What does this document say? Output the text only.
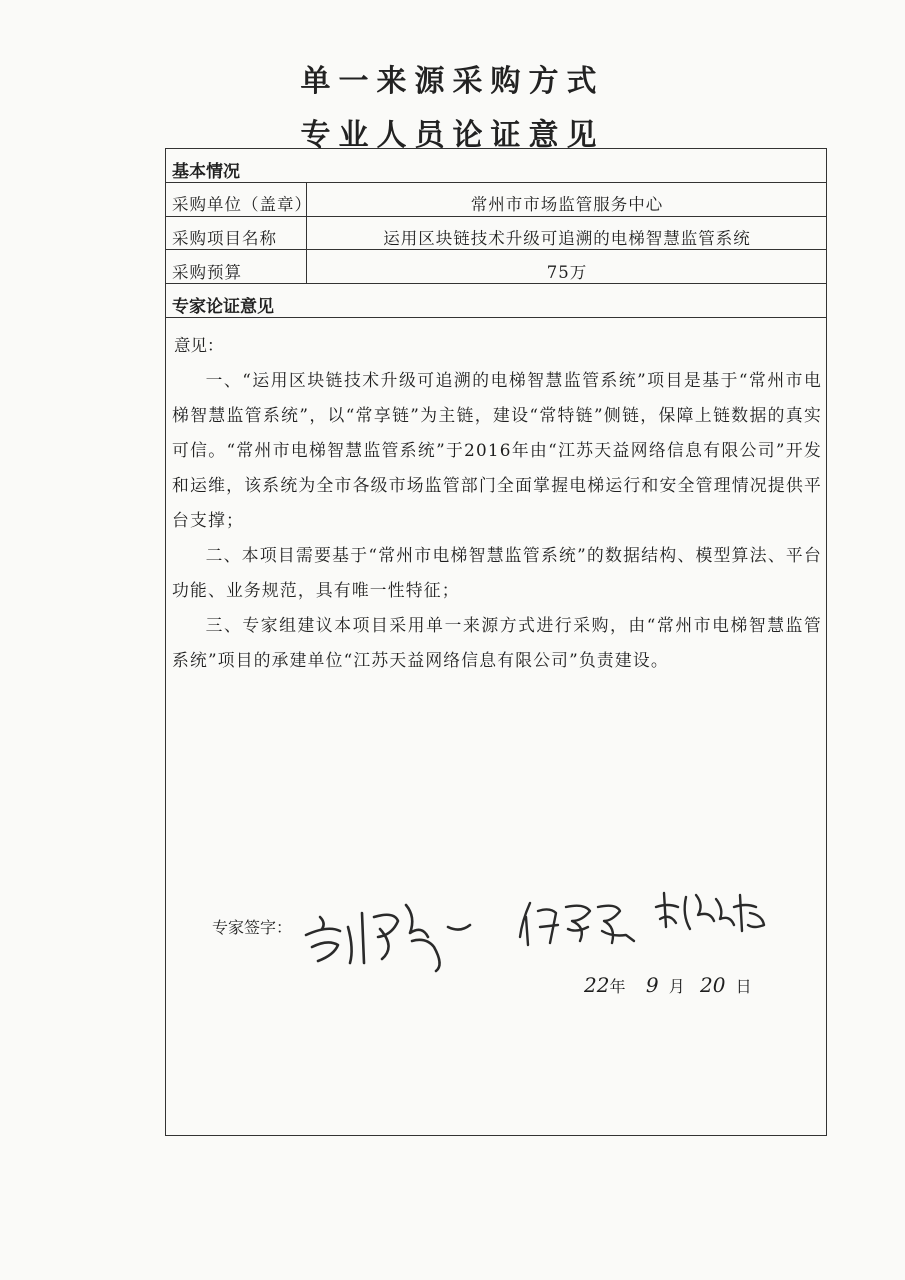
单一来源采购方式
专业人员论证意见
基本情况
采购单位（盖章）	常州市市场监管服务中心
采购项目名称	运用区块链技术升级可追溯的电梯智慧监管系统
采购预算	75万
专家论证意见
意见：

一、“运用区块链技术升级可追溯的电梯智慧监管系统”项目是基于“常州市电梯智慧监管系统”，以“常享链”为主链，建设“常特链”侧链，保障上链数据的真实可信。“常州市电梯智慧监管系统”于2016年由“江苏天益网络信息有限公司”开发和运维，该系统为全市各级市场监管部门全面掌握电梯运行和安全管理情况提供平台支撑；

二、本项目需要基于“常州市电梯智慧监管系统”的数据结构、模型算法、平台功能、业务规范，具有唯一性特征；

三、专家组建议本项目采用单一来源方式进行采购，由“常州市电梯智慧监管系统”项目的承建单位“江苏天益网络信息有限公司”负责建设。

专家签字：
22年 9 月 20 日
